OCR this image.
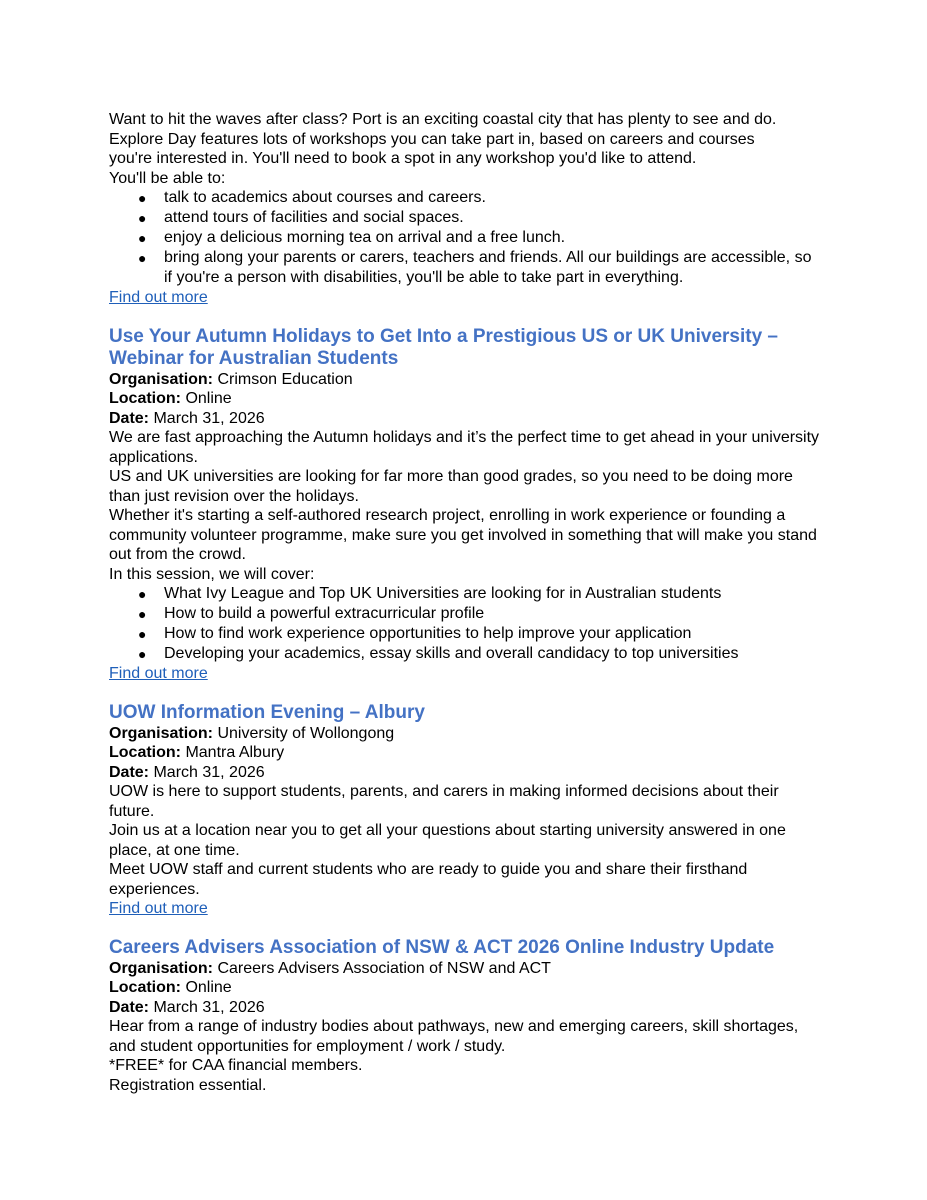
Want to hit the waves after class? Port is an exciting coastal city that has plenty to see and do.

Explore Day features lots of workshops you can take part in, based on careers and courses

you're interested in. You'll need to book a spot in any workshop you'd like to attend.

You'll be able to:

● talk to academics about courses and careers.
● attend tours of facilities and social spaces.
● enjoy a delicious morning tea on arrival and a free lunch.
● bring along your parents or carers, teachers and friends. All our buildings are accessible, so if you're a person with disabilities, you'll be able to take part in everything.
Find out more
Use Your Autumn Holidays to Get Into a Prestigious US or UK University – Webinar for Australian Students

Organisation: Crimson Education

Location: Online

Date: March 31, 2026

We are fast approaching the Autumn holidays and it’s the perfect time to get ahead in your university applications.

US and UK universities are looking for far more than good grades, so you need to be doing more than just revision over the holidays.

Whether it's starting a self-authored research project, enrolling in work experience or founding a community volunteer programme, make sure you get involved in something that will make you stand out from the crowd.

In this session, we will cover:

● What Ivy League and Top UK Universities are looking for in Australian students
● How to build a powerful extracurricular profile
● How to find work experience opportunities to help improve your application
● Developing your academics, essay skills and overall candidacy to top universities
Find out more
UOW Information Evening – Albury

Organisation: University of Wollongong

Location: Mantra Albury

Date: March 31, 2026

UOW is here to support students, parents, and carers in making informed decisions about their future.

Join us at a location near you to get all your questions about starting university answered in one place, at one time.

Meet UOW staff and current students who are ready to guide you and share their firsthand experiences.

Find out more
Careers Advisers Association of NSW & ACT 2026 Online Industry Update

Organisation: Careers Advisers Association of NSW and ACT

Location: Online

Date: March 31, 2026

Hear from a range of industry bodies about pathways, new and emerging careers, skill shortages, and student opportunities for employment / work / study.

*FREE* for CAA financial members.

Registration essential.
